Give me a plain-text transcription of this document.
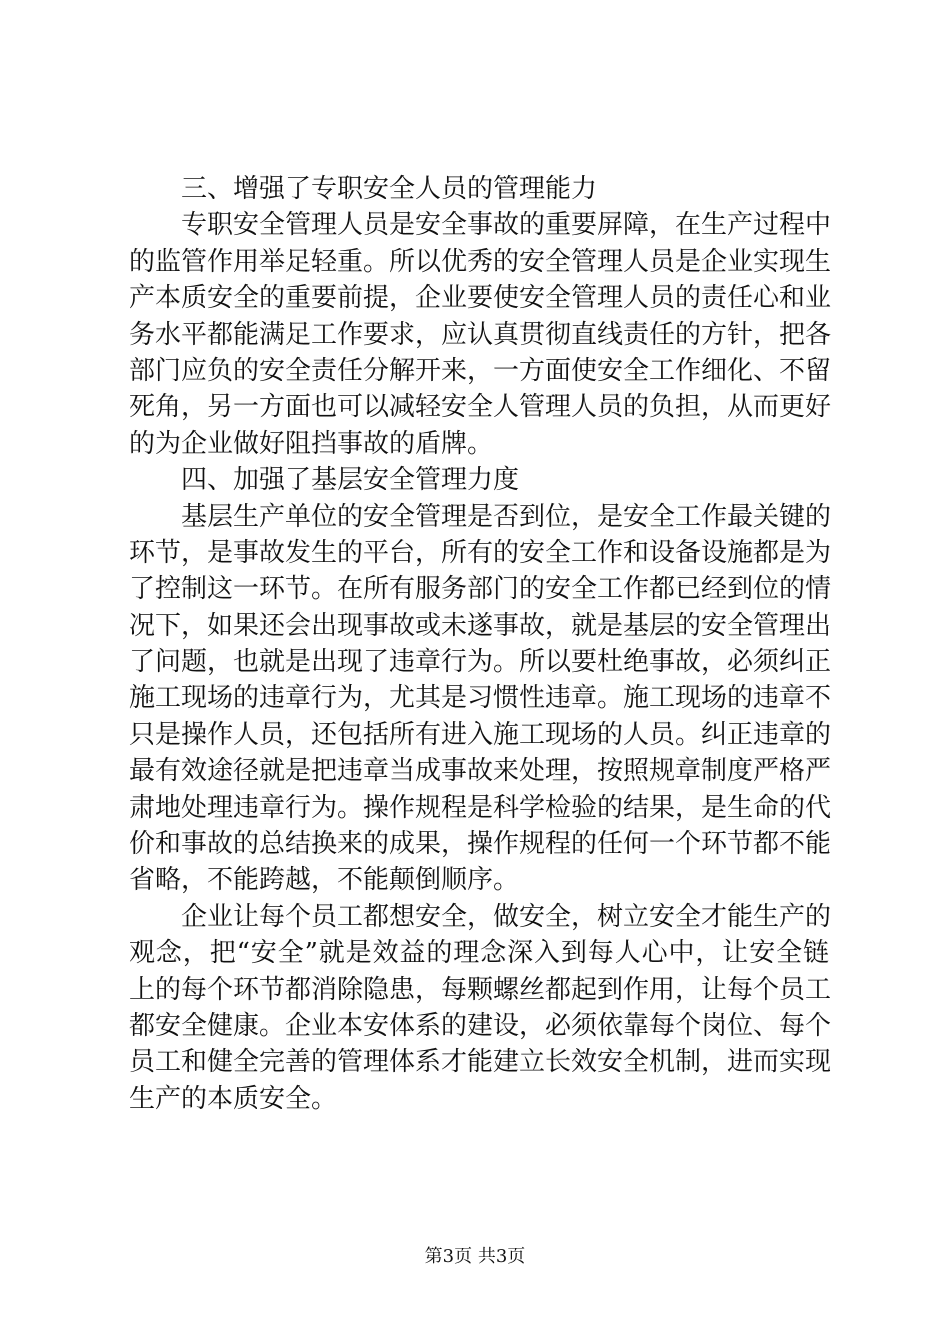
三、增强了专职安全人员的管理能力
专职安全管理人员是安全事故的重要屏障，在生产过程中
的监管作用举足轻重。所以优秀的安全管理人员是企业实现生
产本质安全的重要前提，企业要使安全管理人员的责任心和业
务水平都能满足工作要求，应认真贯彻直线责任的方针，把各
部门应负的安全责任分解开来，一方面使安全工作细化、不留
死角，另一方面也可以减轻安全人管理人员的负担，从而更好
的为企业做好阻挡事故的盾牌。
四、加强了基层安全管理力度
基层生产单位的安全管理是否到位，是安全工作最关键的
环节，是事故发生的平台，所有的安全工作和设备设施都是为
了控制这一环节。在所有服务部门的安全工作都已经到位的情
况下，如果还会出现事故或未遂事故，就是基层的安全管理出
了问题，也就是出现了违章行为。所以要杜绝事故，必须纠正
施工现场的违章行为，尤其是习惯性违章。施工现场的违章不
只是操作人员，还包括所有进入施工现场的人员。纠正违章的
最有效途径就是把违章当成事故来处理，按照规章制度严格严
肃地处理违章行为。操作规程是科学检验的结果，是生命的代
价和事故的总结换来的成果，操作规程的任何一个环节都不能
省略，不能跨越，不能颠倒顺序。
企业让每个员工都想安全，做安全，树立安全才能生产的
观念，把“安全”就是效益的理念深入到每人心中，让安全链
上的每个环节都消除隐患，每颗螺丝都起到作用，让每个员工
都安全健康。企业本安体系的建设，必须依靠每个岗位、每个
员工和健全完善的管理体系才能建立长效安全机制，进而实现
生产的本质安全。
第3页 共3页
